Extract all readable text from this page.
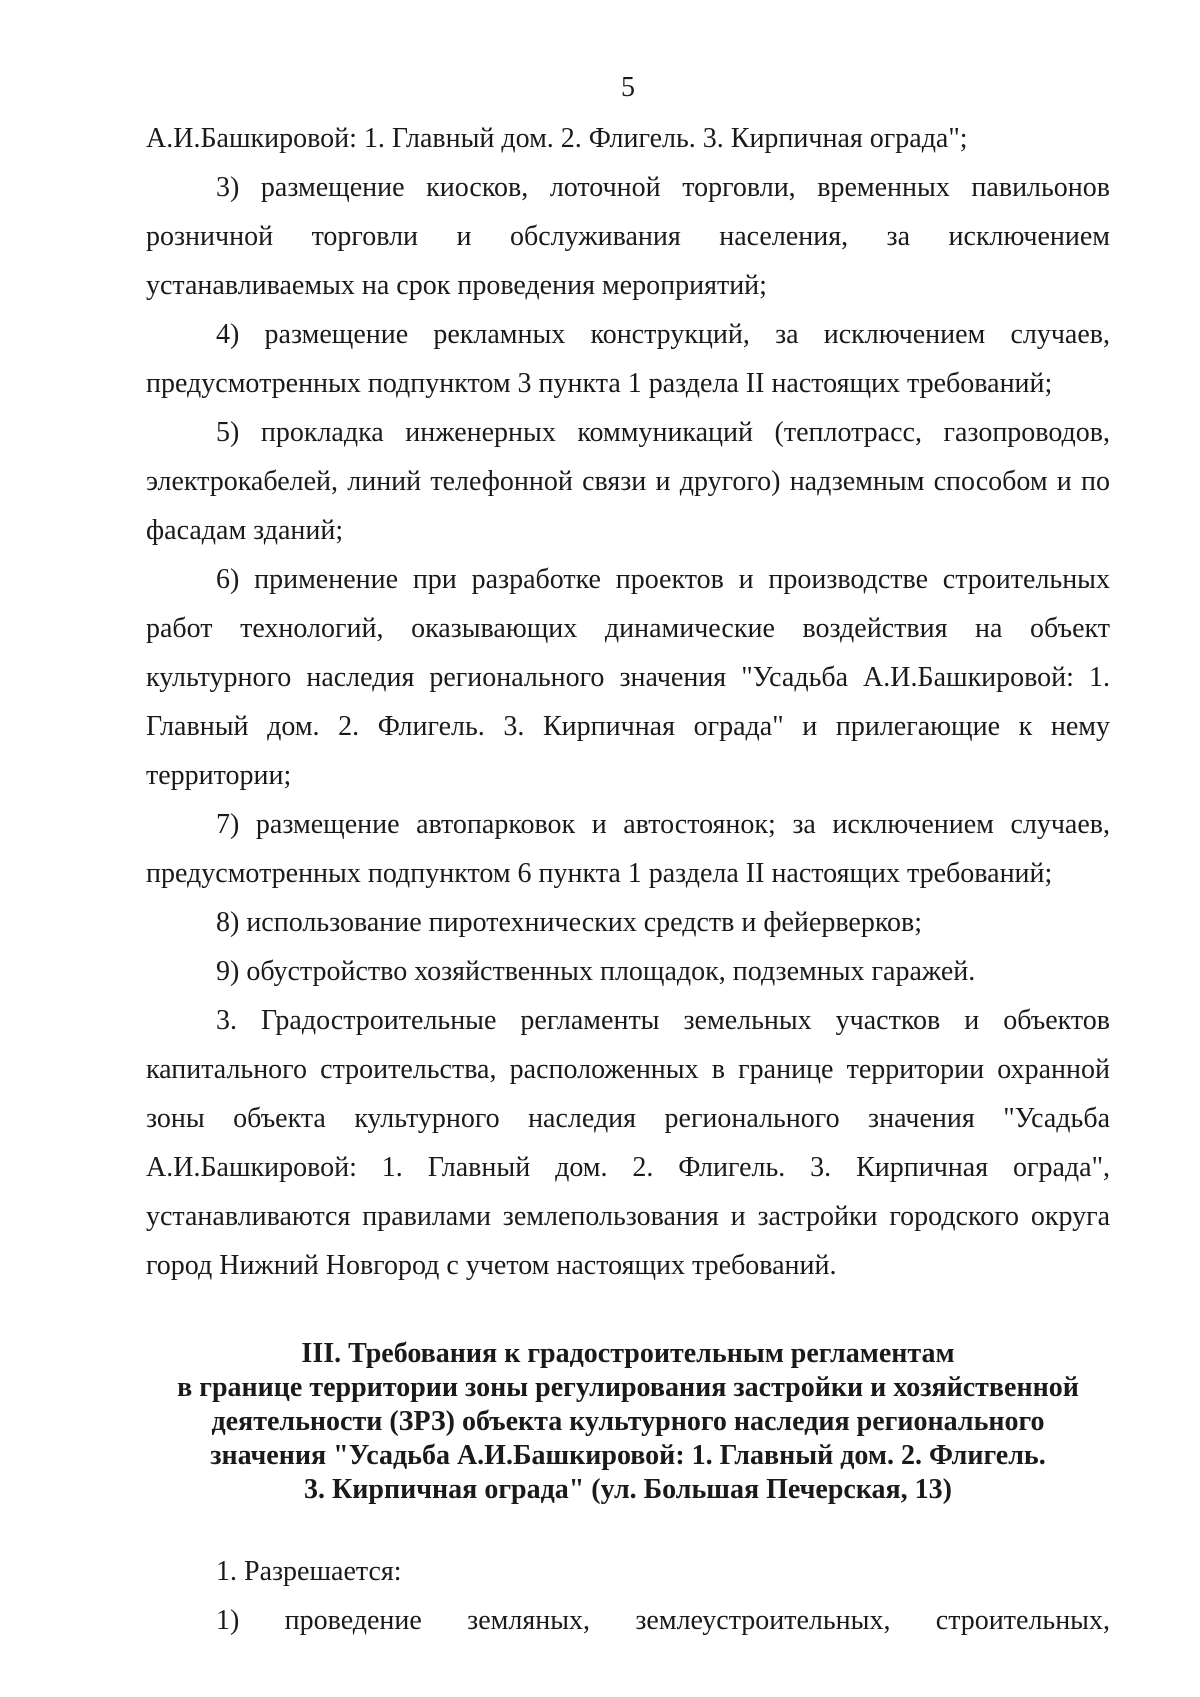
5

А.И.Башкировой: 1. Главный дом. 2. Флигель. 3. Кирпичная ограда";

3) размещение киосков, лоточной торговли, временных павильонов розничной торговли и обслуживания населения, за исключением устанавливаемых на срок проведения мероприятий;

4) размещение рекламных конструкций, за исключением случаев, предусмотренных подпунктом 3 пункта 1 раздела II настоящих требований;

5) прокладка инженерных коммуникаций (теплотрасс, газопроводов, электрокабелей, линий телефонной связи и другого) надземным способом и по фасадам зданий;

6) применение при разработке проектов и производстве строительных работ технологий, оказывающих динамические воздействия на объект культурного наследия регионального значения "Усадьба А.И.Башкировой: 1. Главный дом. 2. Флигель. 3. Кирпичная ограда" и прилегающие к нему территории;

7) размещение автопарковок и автостоянок; за исключением случаев, предусмотренных подпунктом 6 пункта 1 раздела II настоящих требований;

8) использование пиротехнических средств и фейерверков;

9) обустройство хозяйственных площадок, подземных гаражей.

3. Градостроительные регламенты земельных участков и объектов капитального строительства, расположенных в границе территории охранной зоны объекта культурного наследия регионального значения "Усадьба А.И.Башкировой: 1. Главный дом. 2. Флигель. 3. Кирпичная ограда", устанавливаются правилами землепользования и застройки городского округа город Нижний Новгород с учетом настоящих требований.

III. Требования к градостроительным регламентам
в границе территории зоны регулирования застройки и хозяйственной
деятельности (ЗРЗ) объекта культурного наследия регионального
значения "Усадьба А.И.Башкировой: 1. Главный дом. 2. Флигель.
3. Кирпичная ограда" (ул. Большая Печерская, 13)

1. Разрешается:

1) проведение земляных, землеустроительных, строительных,
